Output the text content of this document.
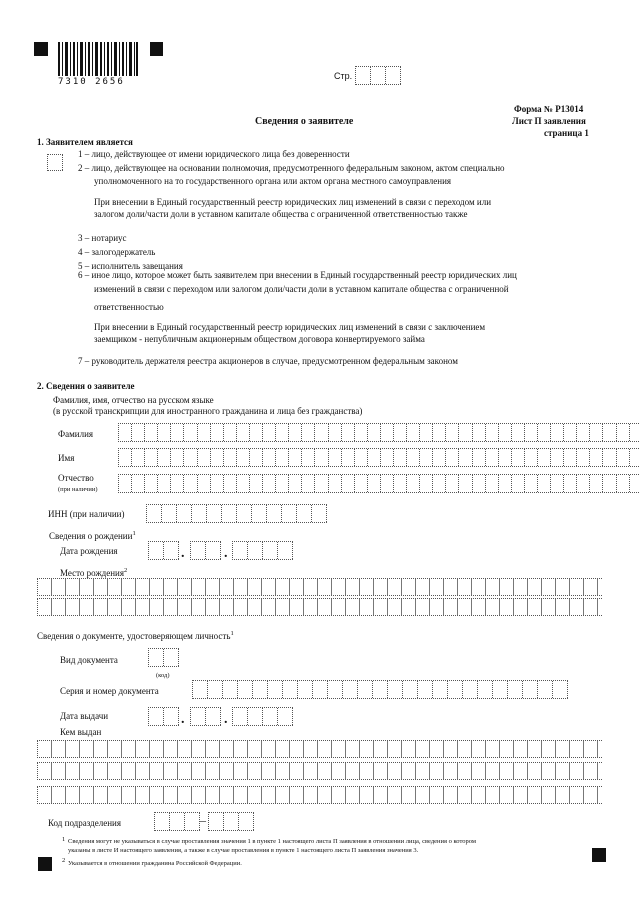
7310 2656
Стр.
Форма № Р13014
Лист П заявления
страница 1
Сведения о заявителе
1. Заявителем является
1 – лицо, действующее от имени юридического лица без доверенности
2 – лицо, действующее на основании полномочия, предусмотренного федеральным законом, актом специально
уполномоченного на то государственного органа или актом органа местного самоуправления
При внесении в Единый государственный реестр юридических лиц изменений в связи с переходом или
залогом доли/части доли в уставном капитале общества с ограниченной ответственностью также
3 – нотариус
4 – залогодержатель
5 – исполнитель завещания
6 – иное лицо, которое может быть заявителем при внесении в Единый государственный реестр юридических лиц
изменений в связи с переходом или залогом доли/части доли в уставном капитале общества с ограниченной
ответственностью
При внесении в Единый государственный реестр юридических лиц изменений в связи с заключением
заемщиком - непубличным акционерным обществом договора конвертируемого займа
7 – руководитель держателя реестра акционеров в случае, предусмотренном федеральным законом
2. Сведения о заявителе
Фамилия, имя, отчество на русском языке
(в русской транскрипции для иностранного гражданина и лица без гражданства)
Фамилия
Имя
Отчество
(при наличии)
ИНН (при наличии)
Сведения о рождении$^1$
Дата рождения	.	.
Место рождения$^2$
Сведения о документе, удостоверяющем личность$^1$
Вид документа
(код)
Серия и номер документа
Дата выдачи	.	.
Кем выдан
Код подразделения	–
1 Сведения могут не указываться в случае проставления значения 1 в пункте 1 настоящего листа П заявления в отношении лица, сведения о котором
указаны в листе И настоящего заявления, а также в случае проставления в пункте 1 настоящего листа П заявления значения 3.
2 Указывается в отношении гражданина Российской Федерации.
